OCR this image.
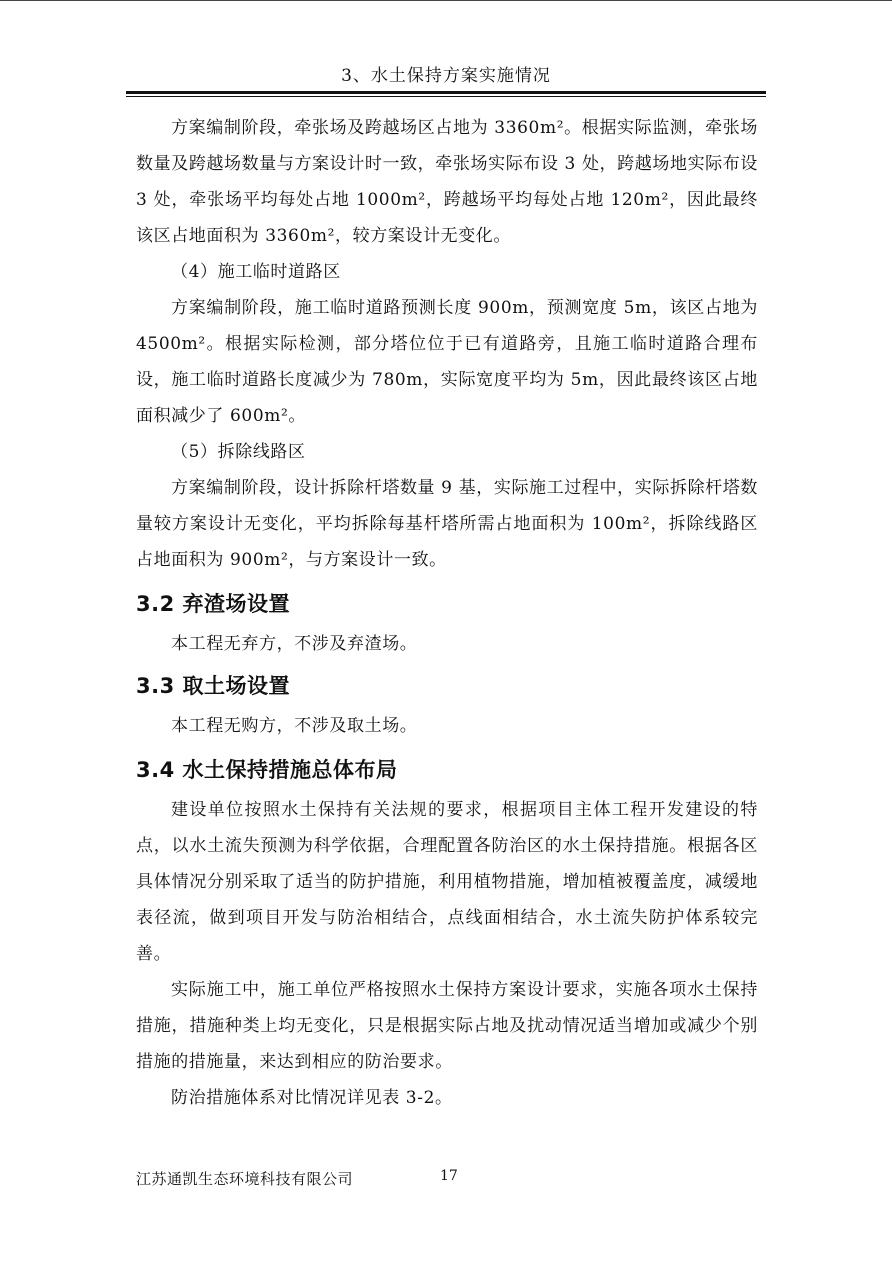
3、水土保持方案实施情况

方案编制阶段，牵张场及跨越场区占地为 3360m²。根据实际监测，牵张场数量及跨越场数量与方案设计时一致，牵张场实际布设 3 处，跨越场地实际布设 3 处，牵张场平均每处占地 1000m²，跨越场平均每处占地 120m²，因此最终该区占地面积为 3360m²，较方案设计无变化。

（4）施工临时道路区

方案编制阶段，施工临时道路预测长度 900m，预测宽度 5m，该区占地为 4500m²。根据实际检测，部分塔位位于已有道路旁，且施工临时道路合理布设，施工临时道路长度减少为 780m，实际宽度平均为 5m，因此最终该区占地面积减少了 600m²。

（5）拆除线路区

方案编制阶段，设计拆除杆塔数量 9 基，实际施工过程中，实际拆除杆塔数量较方案设计无变化，平均拆除每基杆塔所需占地面积为 100m²，拆除线路区占地面积为 900m²，与方案设计一致。

3.2 弃渣场设置

本工程无弃方，不涉及弃渣场。

3.3 取土场设置

本工程无购方，不涉及取土场。

3.4 水土保持措施总体布局

建设单位按照水土保持有关法规的要求，根据项目主体工程开发建设的特点，以水土流失预测为科学依据，合理配置各防治区的水土保持措施。根据各区具体情况分别采取了适当的防护措施，利用植物措施，增加植被覆盖度，减缓地表径流，做到项目开发与防治相结合，点线面相结合，水土流失防护体系较完善。

实际施工中，施工单位严格按照水土保持方案设计要求，实施各项水土保持措施，措施种类上均无变化，只是根据实际占地及扰动情况适当增加或减少个别措施的措施量，来达到相应的防治要求。

防治措施体系对比情况详见表 3-2。

江苏通凯生态环境科技有限公司	17
